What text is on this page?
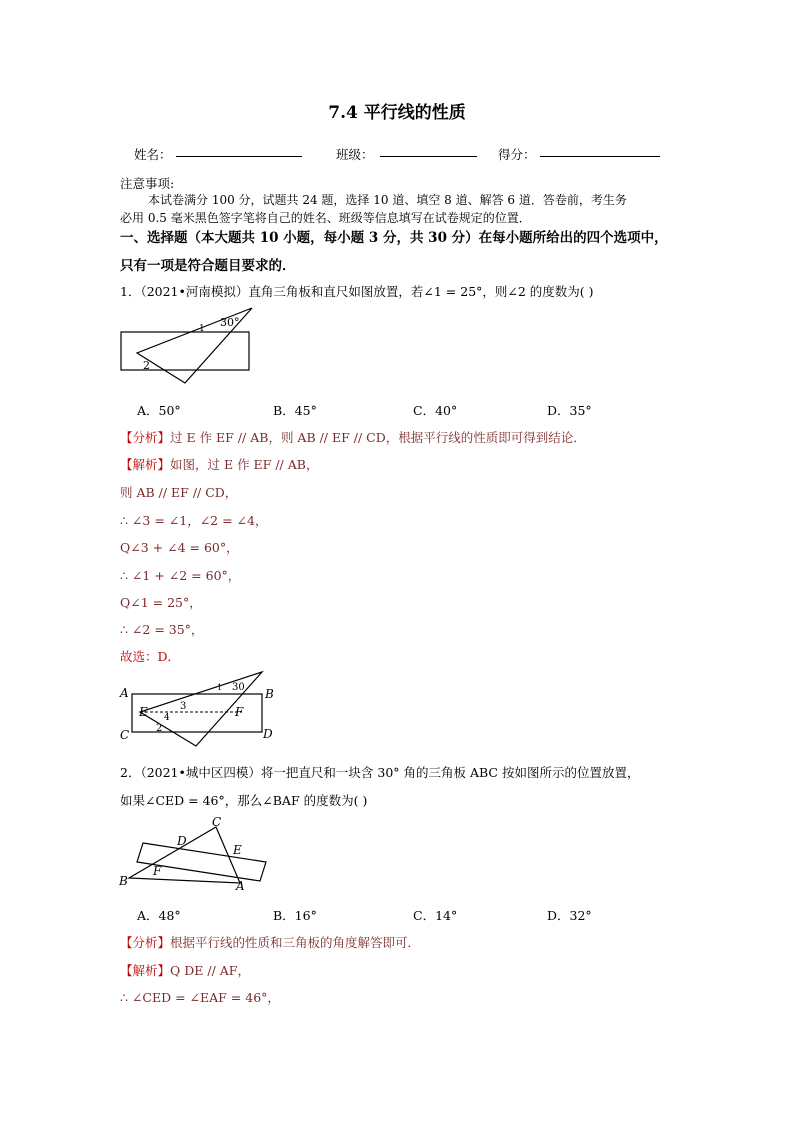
7.4 平行线的性质
姓名：	班级：	得分：
注意事项:
本试卷满分 100 分，试题共 24 题，选择 10 道、填空 8 道、解答 6 道．答卷前，考生务
必用 0.5 毫米黑色签字笔将自己的姓名、班级等信息填写在试卷规定的位置．
一、选择题（本大题共 10 小题，每小题 3 分，共 30 分）在每小题所给出的四个选项中，
只有一项是符合题目要求的．
1．（2021•河南模拟）直角三角板和直尺如图放置，若∠1 = 25°，则∠2 的度数为( )
30°
1
2
A．50°	B．45°	C．40°	D．35°
【分析】过 E 作 EF // AB，则 AB // EF // CD，根据平行线的性质即可得到结论．
【解析】如图，过 E 作 EF // AB，
则 AB // EF // CD，
∴ ∠3 = ∠1，∠2 = ∠4，
Q∠3 + ∠4 = 60°，
∴ ∠1 + ∠2 = 60°，
Q∠1 = 25°，
∴ ∠2 = 35°，
故选：D．
A	B
C	D
E	F
30
1
2
3
4
2．（2021•城中区四模）将一把直尺和一块含 30° 角的三角板 ABC 按如图所示的位置放置，
如果∠CED = 46°，那么∠BAF 的度数为( )
C
D
E
F
B	A
A．48°	B．16°	C．14°	D．32°
【分析】根据平行线的性质和三角板的角度解答即可．
【解析】Q DE // AF，
∴ ∠CED = ∠EAF = 46°，
